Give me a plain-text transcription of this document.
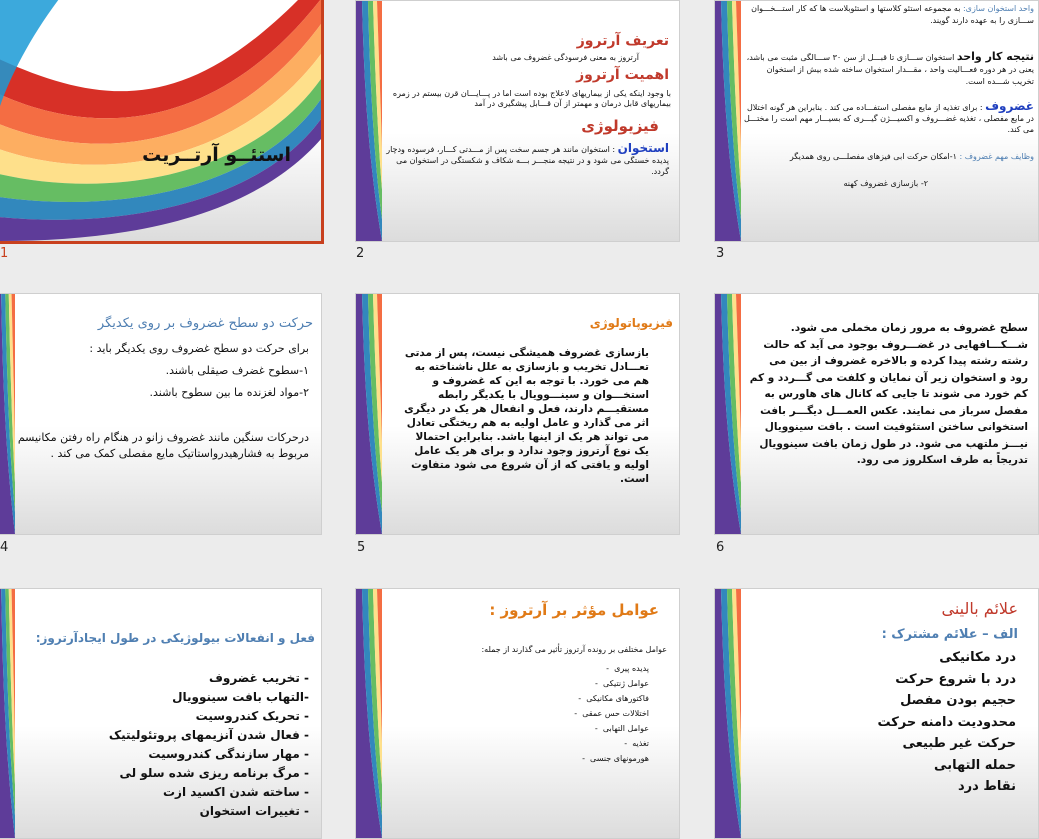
استئــو آرتــريت
1
تعريف آرتروز
آرتروز به معنی فرسودگی غضروف می باشد
اهمیت آرتروز
با وجود اینکه یکی از بیماریهای لاعلاج بوده است اما در پـــایـــان قرن بیستم در زمره بیماریهای قابل درمان و مهمتر از آن قـــابل پیشگیری در آمد
فیزیولوژی
استخوان : استخوان مانند هر جسم سخت پس از مـــدتی کـــار، فرسوده ودچار پدیده خستگی می شود و در نتیجه منجـــر بـــه شکاف و شکستگی در استخوان می گردد.
2
واحد استخوان سازی: به مجموعه استئو کلاستها و استئوبلاست ها که کار استـــخـــوان ســـازی را به عهده دارند گویند.
نتیجه کار واحد استخوان ســـازی تا قبـــل از سن ۳۰ ســـالگی مثبت می باشد، یعنی در هر دوره فعـــالیت واحد ، مقـــدار استخوان ساخته شده بیش از استخوان تخریب شـــده است.
غضروف : برای تغذیه از مایع مفصلی استفـــاده می کند . بنابراین هر گونه اختلال در مایع مفصلی ، تغذیه غضـــروف و اکسیـــژن گیـــری که بسیـــار مهم است را مختـــل می کند.
وظایف مهم غضروف : ۱-امکان حرکت ابی فیزهای مفصلـــی روی همدیگر
۲- بازسازی غضروف کهنه
3
حرکت دو سطح غضروف بر روی یکدیگر
برای حرکت دو سطح غضروف روی یکدیگر باید :
۱-سطوح غضرف صیقلی باشند.
۲-مواد لغزنده ما بین سطوح باشند.
درحرکات سنگین مانند غضروف زانو در هنگام راه رفتن مکانیسم مربوط به فشارهیدرواستاتیک مایع مفصلی کمک می کند .
4
فیزیوپاتولوژی
بازسازی غضروف همیشگی نیست، پس از مدتی تعـــادل تخریب و بازسازی به علل ناشناخته به هم می خورد. با توجه به این که غضروف و استخـــوان و سینـــوویال با یکدیگر رابطه مستقیـــم دارند، فعل و انفعال هر یک در دیگری اثر می گذارد و عامل اولیه به هم ریختگی تعادل می تواند هر یک از اینها باشد. بنابراین احتمالا یک نوع آرتروز وجود ندارد و برای هر یک عامل اولیه و یافتی که از آن شروع می شود متفاوت است.
5
سطح غضروف به مرور زمان مخملی می شود. شـــکـــافهایی در غضـــروف بوجود می آید که حالت رشته رشته پیدا کرده و بالاخره غضروف از بین می رود و استخوان زیر آن نمایان و کلفت می گـــردد و کم کم خورد می شوند تا جایی که کانال های هاورس به مفصل سرباز می نمایند. عکس العمـــل دیگـــر بافت استخوانی ساختن استئوفیت است . بافت سینوویال نیـــز ملتهب می شود. در طول زمان بافت سینوویال تدریجاً به طرف اسکلروز می رود.
6
فعل و انفعالات بیولوژیکی در طول ایجادآرتروز:
- تخریب غضروف
-التهاب بافت سینوویال
- تحریک کندروسیت
- فعال شدن آنزیمهای پروتئولیتیک
- مهار سازندگی کندروسیت
- مرگ برنامه ریزی شده سلو لی
- ساخته شدن اکسید ازت
- تغییرات استخوان
عوامل مؤثر بر آرتروز :
عوامل مختلفی بر رونده آرتروز تأثیر می گذارند از جمله:
پدیده پیری  -
عوامل ژنتیکی  -
فاکتورهای مکانیکی  -
اختلالات حس عمقی  -
عوامل التهابی  -
تغذیه  -
هورمونهای جنسی  -
علائم بالینی
الف – علائم مشترک :
درد مکانیکی
درد با شروع حرکت
حجیم بودن مفصل
محدودیت دامنه حرکت
حرکت غیر طبیعی
حمله التهابی
نقاط درد
